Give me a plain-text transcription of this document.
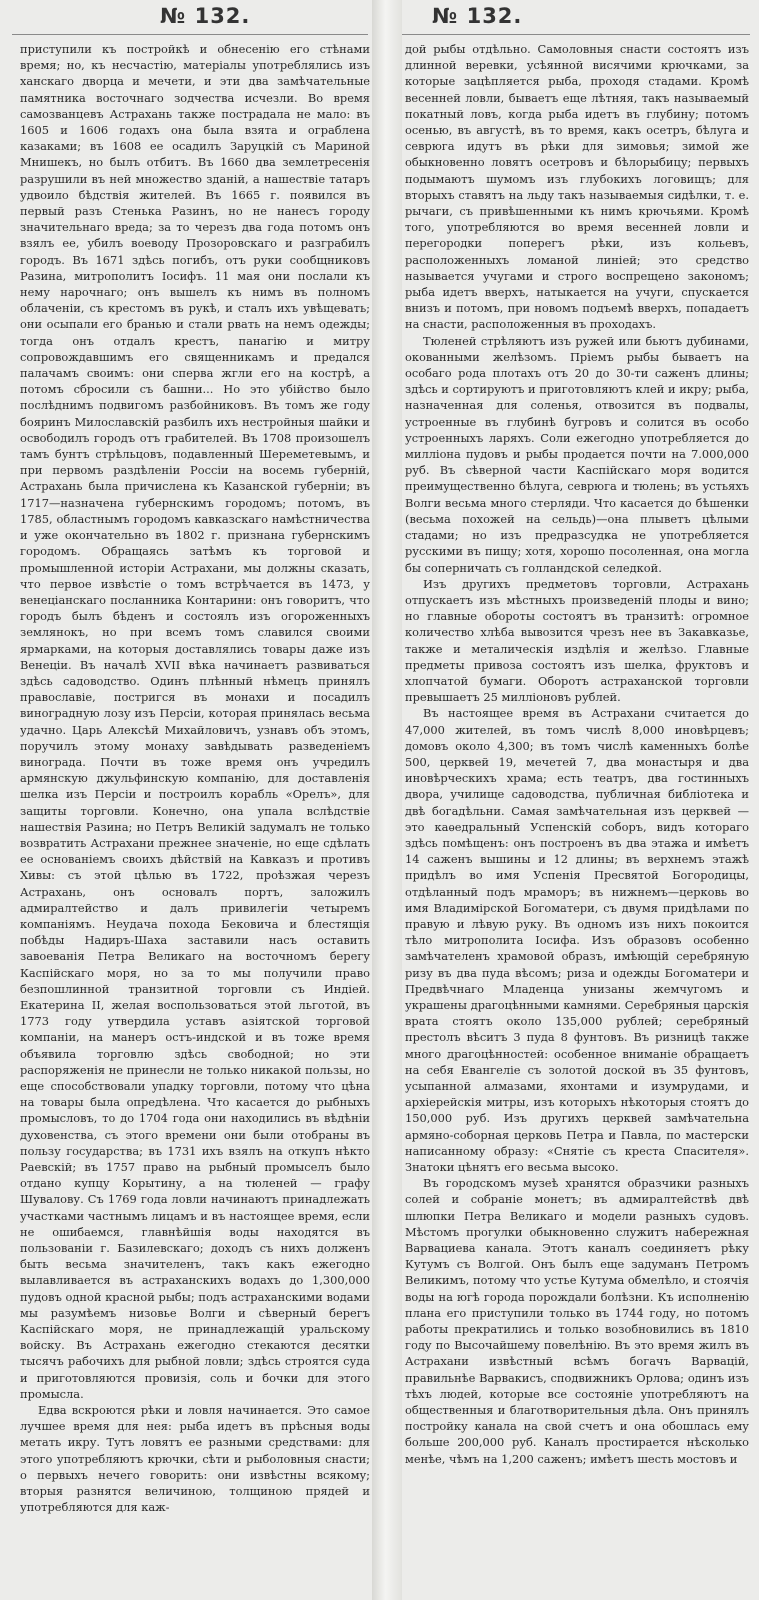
№ 132.	№ 132.

приступили къ постройкѣ и обнесенію его стѣнами время; но, къ несчастію, матеріалы употреблялись изъ ханскаго дворца и мечети, и эти два замѣчательные памятника восточнаго зодчества исчезли. Во время самозванцевъ Астрахань также пострадала не мало: въ 1605 и 1606 годахъ она была взята и ограблена казаками; въ 1608 ее осадилъ Заруцкій съ Мариной Мнишекъ, но былъ отбитъ. Въ 1660 два землетресенія разрушили въ ней множество зданій, а нашествіе татаръ удвоило бѣдствія жителей. Въ 1665 г. появился въ первый разъ Стенька Разинъ, но не нанесъ городу значительнаго вреда; за то черезъ два года потомъ онъ взялъ ее, убилъ воеводу Прозоровскаго и разграбилъ городъ. Въ 1671 здѣсь погибъ, отъ руки сообщниковъ Разина, митрополитъ Іосифъ. 11 мая они послали къ нему нарочнаго; онъ вышелъ къ нимъ въ полномъ облаченіи, съ крестомъ въ рукѣ, и сталъ ихъ увѣщевать; они осыпали его бранью и стали рвать на немъ одежды; тогда онъ отдалъ крестъ, панагію и митру сопровождавшимъ его священникамъ и предался палачамъ своимъ: они сперва жгли его на кострѣ, а потомъ сбросили съ башни... Но это убійство было послѣднимъ подвигомъ разбойниковъ. Въ томъ же году бояринъ Милославскій разбилъ ихъ нестройныя шайки и освободилъ городъ отъ грабителей. Въ 1708 произошелъ тамъ бунтъ стрѣльцовъ, подавленный Шереметевымъ, и при первомъ раздѣленіи Россіи на восемь губерній, Астрахань была причислена къ Казанской губерніи; въ 1717—назначена губернскимъ городомъ; потомъ, въ 1785, областнымъ городомъ кавказскаго намѣстничества и уже окончательно въ 1802 г. признана губернскимъ городомъ. Обращаясь затѣмъ къ торговой и промышленной исторіи Астрахани, мы должны сказать, что первое извѣстіе о томъ встрѣчается въ 1473, у венеціанскаго посланника Контарини: онъ говоритъ, что городъ былъ бѣденъ и состоялъ изъ огороженныхъ землянокъ, но при всемъ томъ славился своими ярмарками, на которыя доставлялись товары даже изъ Венеціи. Въ началѣ XVII вѣка начинаетъ развиваться здѣсь садоводство. Одинъ плѣнный нѣмецъ принялъ православіе, постригся въ монахи и посадилъ виноградную лозу изъ Персіи, которая принялась весьма удачно. Царь Алексѣй Михайловичъ, узнавъ объ этомъ, поручилъ этому монаху завѣдывать разведеніемъ винограда. Почти въ тоже время онъ учредилъ армянскую джульфинскую компанію, для доставленія шелка изъ Персіи и построилъ корабль «Орелъ», для защиты торговли. Конечно, она упала вслѣдствіе нашествія Разина; но Петръ Великій задумалъ не только возвратить Астрахани прежнее значеніе, но еще сдѣлать ее основаніемъ своихъ дѣйствій на Кавказъ и противъ Хивы: съ этой цѣлью въ 1722, проѣзжая черезъ Астрахань, онъ основалъ портъ, заложилъ адмиралтейство и далъ привилегіи четыремъ компаніямъ. Неудача похода Бековича и блестящія побѣды Надиръ-Шаха заставили насъ оставить завоеванія Петра Великаго на восточномъ берегу Каспійскаго моря, но за то мы получили право безпошлинной транзитной торговли съ Индіей. Екатерина II, желая воспользоваться этой льготой, въ 1773 году утвердила уставъ азіятской торговой компаніи, на манеръ остъ-индской и въ тоже время объявила торговлю здѣсь свободной; но эти распоряженія не принесли не только никакой пользы, но еще способствовали упадку торговли, потому что цѣна на товары была опредѣлена. Что касается до рыбныхъ промысловъ, то до 1704 года они находились въ вѣдѣніи духовенства, съ этого времени они были отобраны въ пользу государства; въ 1731 ихъ взялъ на откупъ нѣкто Раевскій; въ 1757 право на рыбный промыселъ было отдано купцу Корытину, а на тюленей — графу Шувалову. Съ 1769 года ловли начинаютъ принадлежать участками частнымъ лицамъ и въ настоящее время, если не ошибаемся, главнѣйшія воды находятся въ пользованіи г. Базилевскаго; доходъ съ нихъ долженъ быть весьма значителенъ, такъ какъ ежегодно вылавливается въ астраханскихъ водахъ до 1,300,000 пудовъ одной красной рыбы; подъ астраханскими водами мы разумѣемъ низовье Волги и сѣверный берегъ Каспійскаго моря, не принадлежащій уральскому войску. Въ Астрахань ежегодно стекаются десятки тысячъ рабочихъ для рыбной ловли; здѣсь строятся суда и приготовляются провизія, соль и бочки для этого промысла.

Едва вскроются рѣки и ловля начинается. Это самое лучшее время для нея: рыба идетъ въ прѣсныя воды метать икру. Тутъ ловятъ ее разными средствами: для этого употребляютъ крючки, сѣти и рыболовныя снасти; о первыхъ нечего говорить: они извѣстны всякому; вторыя разнятся величиною, толщиною прядей и употребляются для каж-

дой рыбы отдѣльно. Самоловныя снасти состоятъ изъ длинной веревки, усѣянной висячими крючками, за которые зацѣпляется рыба, проходя стадами. Кромѣ весенней ловли, бываетъ еще лѣтняя, такъ называемый покатный ловъ, когда рыба идетъ въ глубину; потомъ осенью, въ августѣ, въ то время, какъ осетръ, бѣлуга и севрюга идутъ въ рѣки для зимовья; зимой же обыкновенно ловятъ осетровъ и бѣлорыбицу; первыхъ подымаютъ шумомъ изъ глубокихъ логовищъ; для вторыхъ ставятъ на льду такъ называемыя сидѣлки, т. е. рычаги, съ привѣшенными къ нимъ крючьями. Кромѣ того, употребляются во время весенней ловли и перегородки поперегъ рѣки, изъ кольевъ, расположенныхъ ломаной линіей; это средство называется учугами и строго воспрещено закономъ; рыба идетъ вверхъ, натыкается на учуги, спускается внизъ и потомъ, при новомъ подъемѣ вверхъ, попадаетъ на снасти, расположенныя въ проходахъ.

Тюленей стрѣляютъ изъ ружей или бьютъ дубинами, окованными желѣзомъ. Пріемъ рыбы бываетъ на особаго рода плотахъ отъ 20 до 30-ти саженъ длины; здѣсь и сортируютъ и приготовляютъ клей и икру; рыба, назначенная для соленья, отвозится въ подвалы, устроенные въ глубинѣ бугровъ и солится въ особо устроенныхъ ларяхъ. Соли ежегодно употребляется до милліона пудовъ и рыбы продается почти на 7.000,000 руб. Въ сѣверной части Каспійскаго моря водится преимущественно бѣлуга, севрюга и тюлень; въ устьяхъ Волги весьма много стерляди. Что касается до бѣшенки (весьма похожей на сельдь)—она плыветъ цѣлыми стадами; но изъ предразсудка не употребляется русскими въ пищу; хотя, хорошо посоленная, она могла бы соперничать съ голландской селедкой.

Изъ другихъ предметовъ торговли, Астрахань отпускаетъ изъ мѣстныхъ произведеній плоды и вино; но главные обороты состоятъ въ транзитѣ: огромное количество хлѣба вывозится чрезъ нее въ Закавказье, также и металическія издѣлія и желѣзо. Главные предметы привоза состоятъ изъ шелка, фруктовъ и хлопчатой бумаги. Оборотъ астраханской торговли превышаетъ 25 милліоновъ рублей.

Въ настоящее время въ Астрахани считается до 47,000 жителей, въ томъ числѣ 8,000 иновѣрцевъ; домовъ около 4,300; въ томъ числѣ каменныхъ болѣе 500, церквей 19, мечетей 7, два монастыря и два иновѣрческихъ храма; есть театръ, два гостинныхъ двора, училище садоводства, публичная библіотека и двѣ богадѣльни. Самая замѣчательная изъ церквей — это каѳедральный Успенскій соборъ, видъ котораго здѣсь помѣщенъ: онъ построенъ въ два этажа и имѣетъ 14 саженъ вышины и 12 длины; въ верхнемъ этажѣ придѣлъ во имя Успенія Пресвятой Богородицы, отдѣланный подъ мраморъ; въ нижнемъ—церковь во имя Владимірской Богоматери, съ двумя придѣлами по правую и лѣвую руку. Въ одномъ изъ нихъ покоится тѣло митрополита Іосифа. Изъ образовъ особенно замѣчателенъ храмовой образъ, имѣющій серебряную ризу въ два пуда вѣсомъ; риза и одежды Богоматери и Предвѣчнаго Младенца унизаны жемчугомъ и украшены драгоцѣнными камнями. Серебряныя царскія врата стоятъ около 135,000 рублей; серебряный престолъ вѣситъ 3 пуда 8 фунтовъ. Въ ризницѣ также много драгоцѣнностей: особенное вниманіе обращаетъ на себя Евангеліе съ золотой доской въ 35 фунтовъ, усыпанной алмазами, яхонтами и изумрудами, и архіерейскія митры, изъ которыхъ нѣкоторыя стоятъ до 150,000 руб. Изъ другихъ церквей замѣчательна армяно-соборная церковь Петра и Павла, по мастерски написанному образу: «Снятіе съ креста Спасителя». Знатоки цѣнятъ его весьма высоко.

Въ городскомъ музеѣ хранятся образчики разныхъ солей и собраніе монетъ; въ адмиралтействѣ двѣ шлюпки Петра Великаго и модели разныхъ судовъ. Мѣстомъ прогулки обыкновенно служитъ набережная Варвациева канала. Этотъ каналъ соединяетъ рѣку Кутумъ съ Волгой. Онъ былъ еще задуманъ Петромъ Великимъ, потому что устье Кутума обмелѣло, и стоячія воды на югѣ города порождали болѣзни. Къ исполненію плана его приступили только въ 1744 году, но потомъ работы прекратились и только возобновились въ 1810 году по Высочайшему повелѣнію. Въ это время жилъ въ Астрахани извѣстный всѣмъ богачъ Варвацій, правильнѣе Варвакисъ, сподвижникъ Орлова; одинъ изъ тѣхъ людей, которые все состояніе употребляютъ на общественныя и благотворительныя дѣла. Онъ принялъ постройку канала на свой счетъ и она обошлась ему больше 200,000 руб. Каналъ простирается нѣсколько менѣе, чѣмъ на 1,200 саженъ; имѣетъ шесть мостовъ и
